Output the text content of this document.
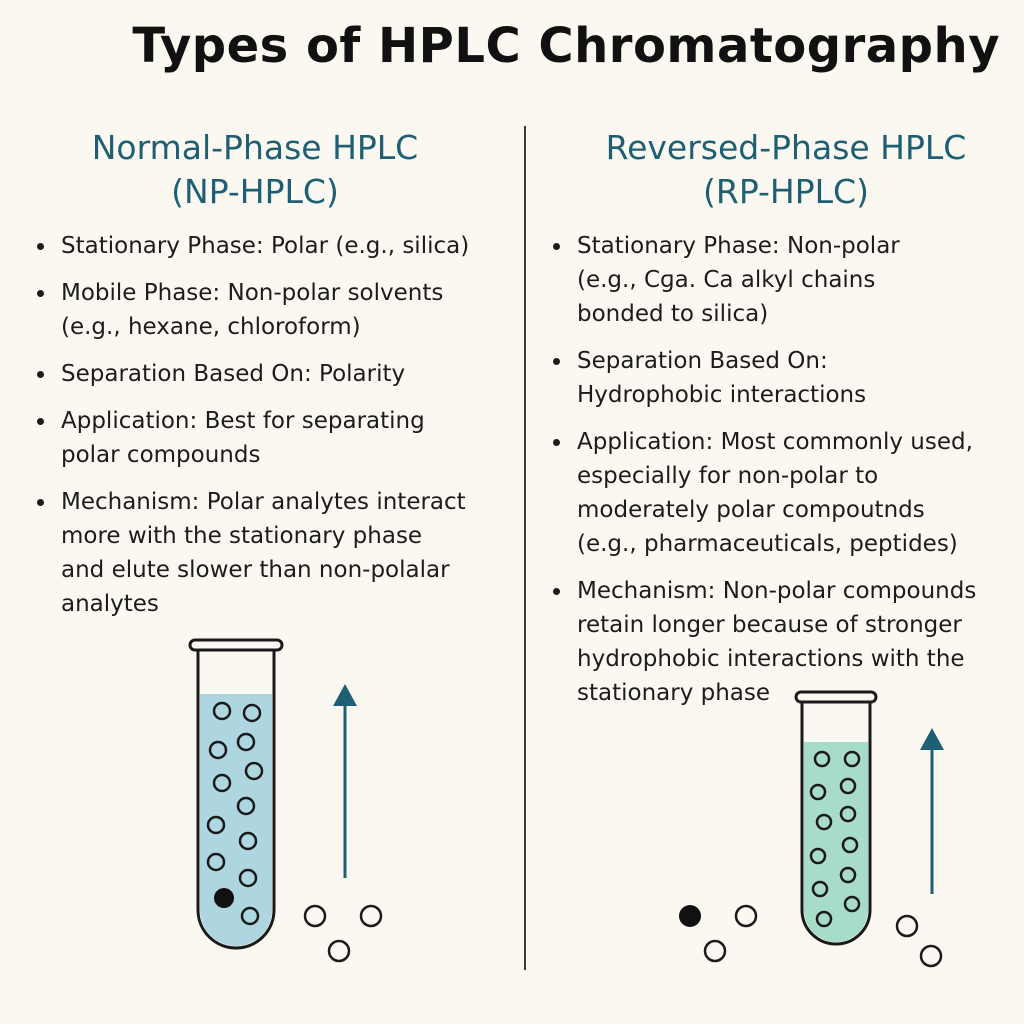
Types of HPLC Chromatography
Normal-Phase HPLC
(NP-HPLC)
Reversed-Phase HPLC
(RP-HPLC)
Stationary Phase: Polar (e.g., silica)
Mobile Phase: Non-polar solvents
(e.g., hexane, chloroform)
Separation Based On: Polarity
Application: Best for separating
polar compounds
Mechanism: Polar analytes interact
more with the stationary phase
and elute slower than non-polalar
analytes
Stationary Phase: Non-polar
(e.g., Cɡa. Ca alkyl chains
bonded to silica)
Separation Based On:
Hydrophobic interactions
Application: Most commonly used,
especially for non-polar to
moderately polar compoutnds
(e.g., pharmaceuticals, peptides)
Mechanism: Non-polar compounds
retain longer because of stronger
hydrophobic interactions with the
stationary phase
